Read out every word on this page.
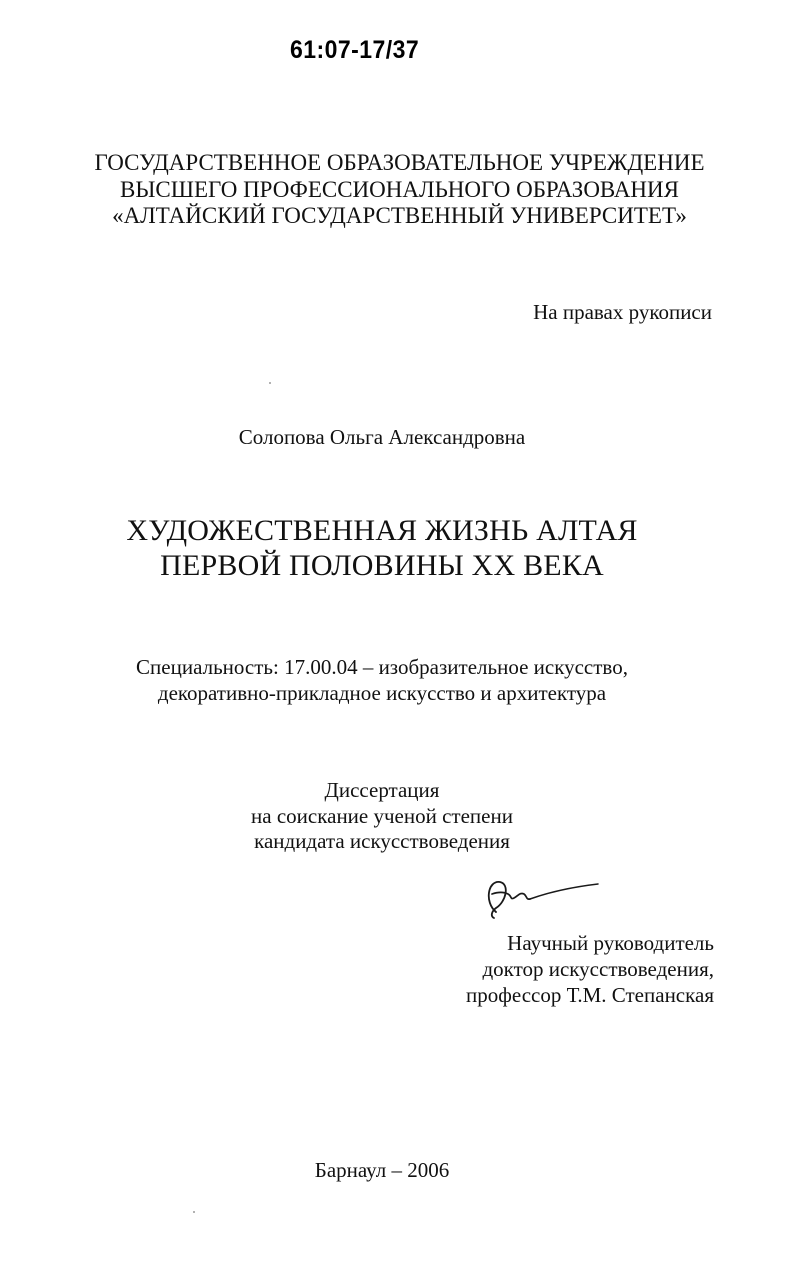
61:07-17/37
ГОСУДАРСТВЕННОЕ ОБРАЗОВАТЕЛЬНОЕ УЧРЕЖДЕНИЕ
ВЫСШЕГО ПРОФЕССИОНАЛЬНОГО ОБРАЗОВАНИЯ
«АЛТАЙСКИЙ ГОСУДАРСТВЕННЫЙ УНИВЕРСИТЕТ»
На правах рукописи
Солопова Ольга Александровна
ХУДОЖЕСТВЕННАЯ ЖИЗНЬ АЛТАЯ
ПЕРВОЙ ПОЛОВИНЫ XX ВЕКА
Специальность: 17.00.04 – изобразительное искусство,
декоративно-прикладное искусство и архитектура
Диссертация
на соискание ученой степени
кандидата искусствоведения
Научный руководитель
доктор искусствоведения,
профессор Т.М. Степанская
Барнаул – 2006
